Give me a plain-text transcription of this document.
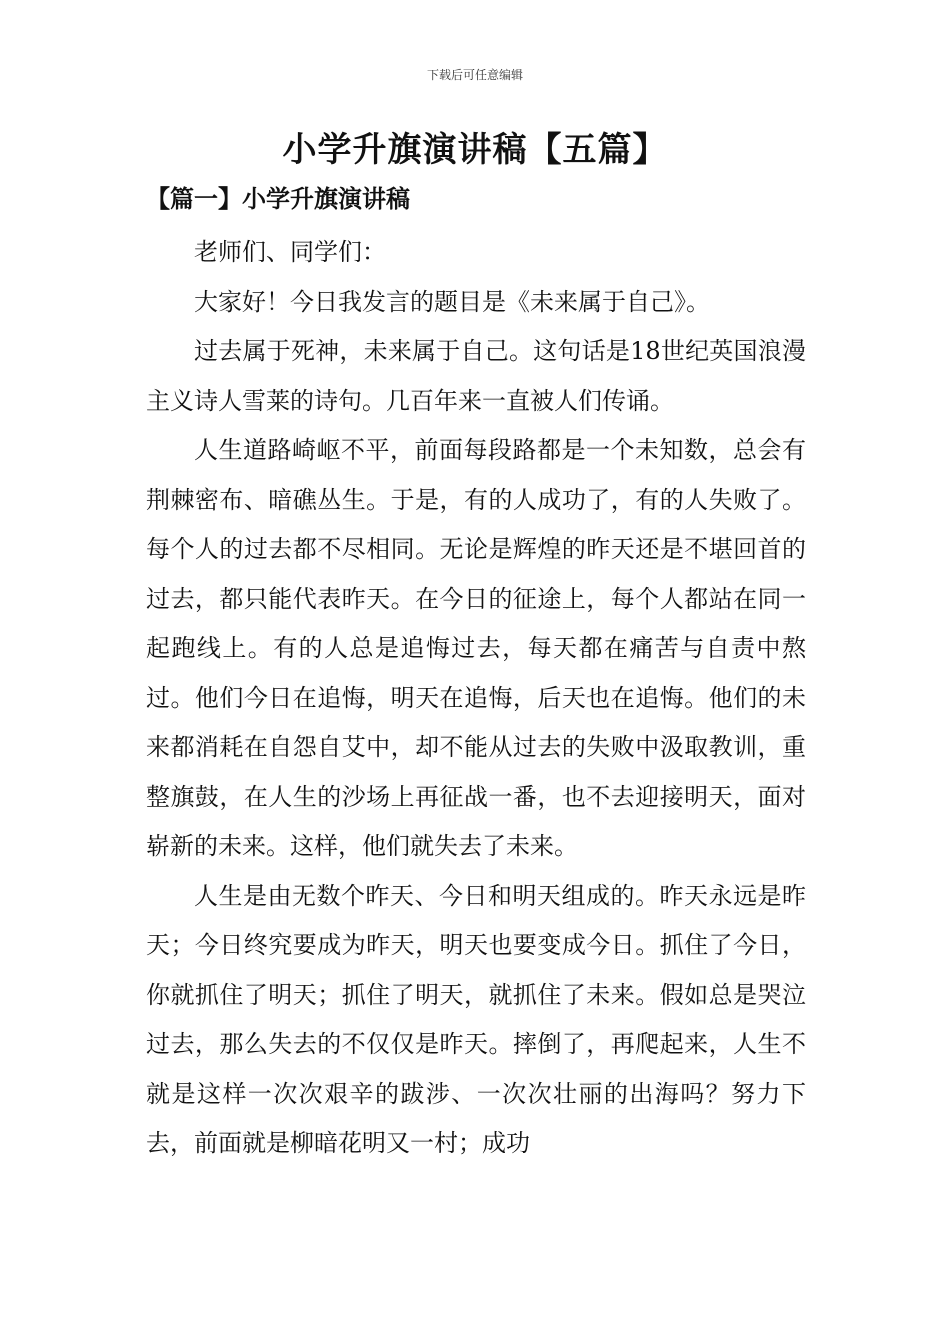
下载后可任意编辑
小学升旗演讲稿【五篇】
【篇一】小学升旗演讲稿

老师们、同学们：

大家好！今日我发言的题目是《未来属于自己》。

过去属于死神，未来属于自己。这句话是18世纪英国浪漫主义诗人雪莱的诗句。几百年来一直被人们传诵。

人生道路崎岖不平，前面每段路都是一个未知数，总会有荆棘密布、暗礁丛生。于是，有的人成功了，有的人失败了。每个人的过去都不尽相同。无论是辉煌的昨天还是不堪回首的过去，都只能代表昨天。在今日的征途上，每个人都站在同一起跑线上。有的人总是追悔过去，每天都在痛苦与自责中熬过。他们今日在追悔，明天在追悔，后天也在追悔。他们的未来都消耗在自怨自艾中，却不能从过去的失败中汲取教训，重整旗鼓，在人生的沙场上再征战一番，也不去迎接明天，面对崭新的未来。这样，他们就失去了未来。

人生是由无数个昨天、今日和明天组成的。昨天永远是昨天；今日终究要成为昨天，明天也要变成今日。抓住了今日，你就抓住了明天；抓住了明天，就抓住了未来。假如总是哭泣过去，那么失去的不仅仅是昨天。摔倒了，再爬起来，人生不就是这样一次次艰辛的跋涉、一次次壮丽的出海吗？努力下去，前面就是柳暗花明又一村；成功
